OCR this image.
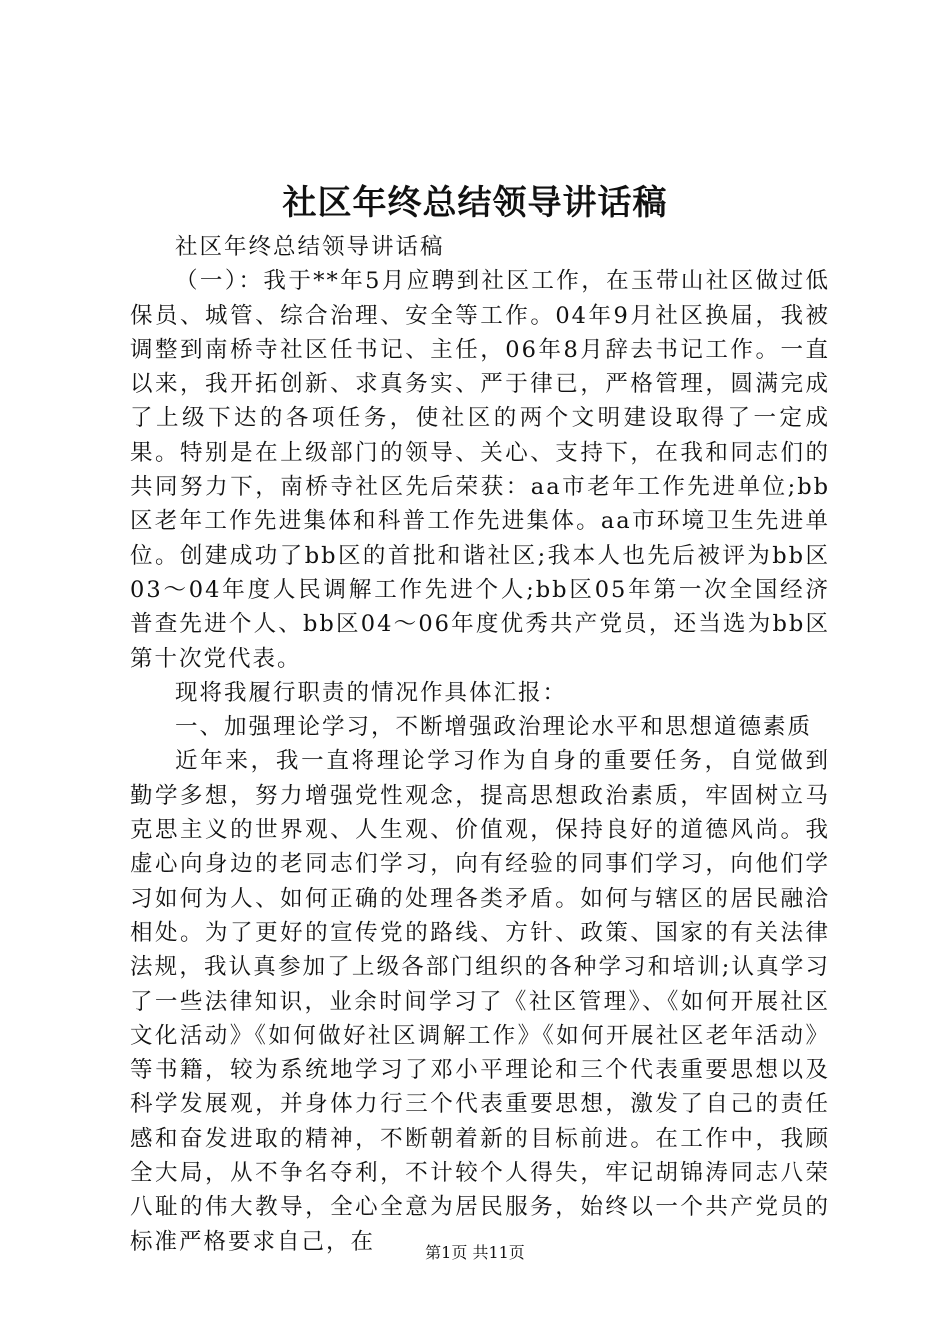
社区年终总结领导讲话稿

社区年终总结领导讲话稿

（一）：我于**年5月应聘到社区工作，在玉带山社区做过低保员、城管、综合治理、安全等工作。04年9月社区换届，我被调整到南桥寺社区任书记、主任，06年8月辞去书记工作。一直以来，我开拓创新、求真务实、严于律已，严格管理，圆满完成了上级下达的各项任务，使社区的两个文明建设取得了一定成果。特别是在上级部门的领导、关心、支持下，在我和同志们的共同努力下，南桥寺社区先后荣获：aa市老年工作先进单位;bb区老年工作先进集体和科普工作先进集体。aa市环境卫生先进单位。创建成功了bb区的首批和谐社区;我本人也先后被评为bb区03～04年度人民调解工作先进个人;bb区05年第一次全国经济普查先进个人、bb区04～06年度优秀共产党员，还当选为bb区第十次党代表。

现将我履行职责的情况作具体汇报：

一、加强理论学习，不断增强政治理论水平和思想道德素质

近年来，我一直将理论学习作为自身的重要任务，自觉做到勤学多想，努力增强党性观念，提高思想政治素质，牢固树立马克思主义的世界观、人生观、价值观，保持良好的道德风尚。我虚心向身边的老同志们学习，向有经验的同事们学习，向他们学习如何为人、如何正确的处理各类矛盾。如何与辖区的居民融洽相处。为了更好的宣传党的路线、方针、政策、国家的有关法律法规，我认真参加了上级各部门组织的各种学习和培训;认真学习了一些法律知识，业余时间学习了《社区管理》、《如何开展社区文化活动》《如何做好社区调解工作》《如何开展社区老年活动》等书籍，较为系统地学习了邓小平理论和三个代表重要思想以及科学发展观，并身体力行三个代表重要思想，激发了自己的责任感和奋发进取的精神，不断朝着新的目标前进。在工作中，我顾全大局，从不争名夺利，不计较个人得失，牢记胡锦涛同志八荣八耻的伟大教导，全心全意为居民服务，始终以一个共产党员的标准严格要求自己，在	第1页 共11页
